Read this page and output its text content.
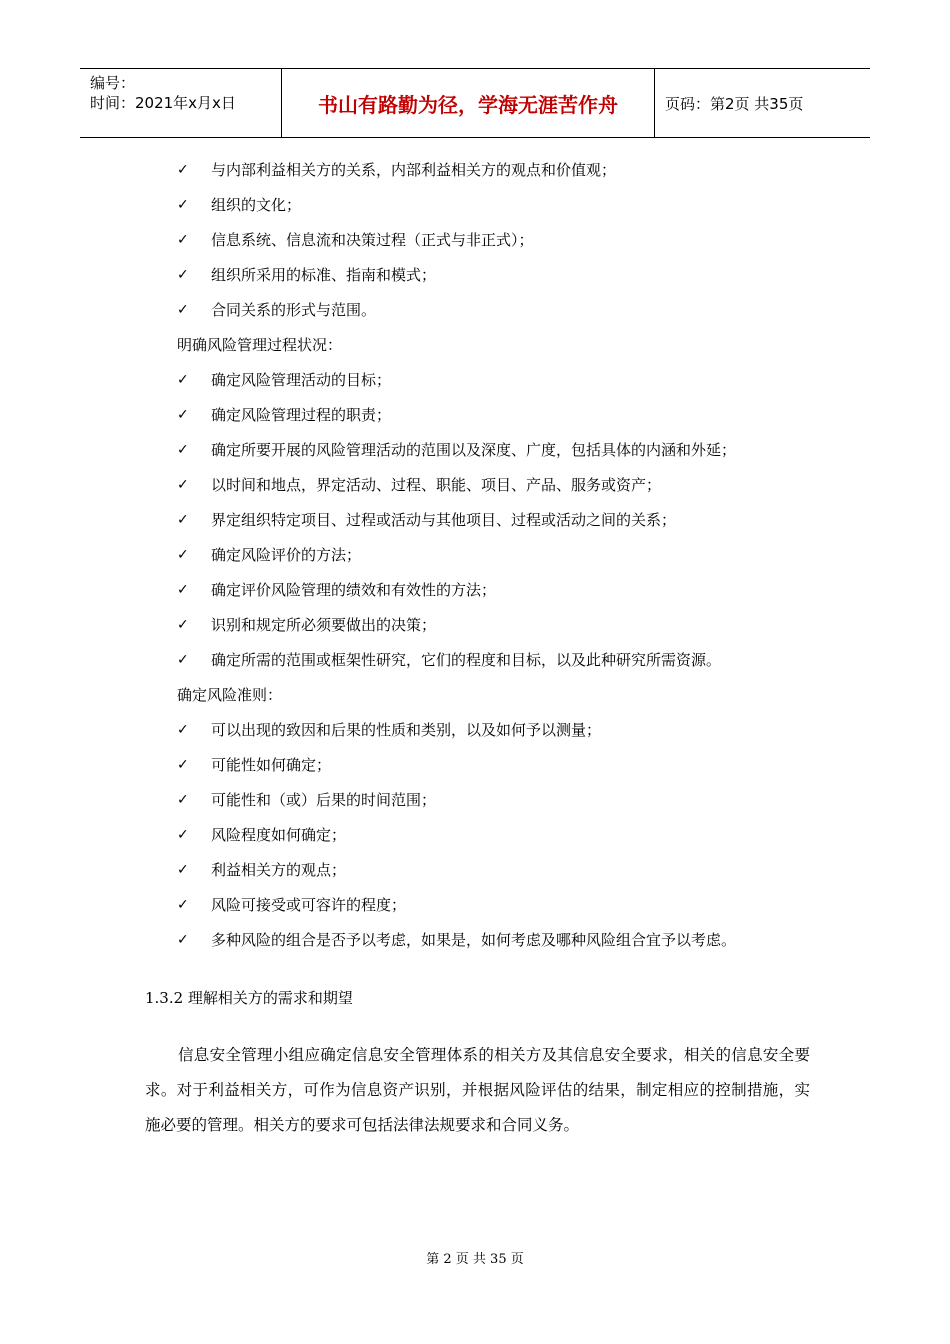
编号：
时间：2021年x月x日	书山有路勤为径，学海无涯苦作舟	页码：第2页 共35页
✓ 与内部利益相关方的关系，内部利益相关方的观点和价值观；
✓ 组织的文化；
✓ 信息系统、信息流和决策过程（正式与非正式）；
✓ 组织所采用的标准、指南和模式；
✓ 合同关系的形式与范围。
明确风险管理过程状况：
✓ 确定风险管理活动的目标；
✓ 确定风险管理过程的职责；
✓ 确定所要开展的风险管理活动的范围以及深度、广度，包括具体的内涵和外延；
✓ 以时间和地点，界定活动、过程、职能、项目、产品、服务或资产；
✓ 界定组织特定项目、过程或活动与其他项目、过程或活动之间的关系；
✓ 确定风险评价的方法；
✓ 确定评价风险管理的绩效和有效性的方法；
✓ 识别和规定所必须要做出的决策；
✓ 确定所需的范围或框架性研究，它们的程度和目标，以及此种研究所需资源。
确定风险准则：
✓ 可以出现的致因和后果的性质和类别，以及如何予以测量；
✓ 可能性如何确定；
✓ 可能性和（或）后果的时间范围；
✓ 风险程度如何确定；
✓ 利益相关方的观点；
✓ 风险可接受或可容许的程度；
✓ 多种风险的组合是否予以考虑，如果是，如何考虑及哪种风险组合宜予以考虑。
1.3.2 理解相关方的需求和期望
信息安全管理小组应确定信息安全管理体系的相关方及其信息安全要求，相关的信息安全要求。对于利益相关方，可作为信息资产识别，并根据风险评估的结果，制定相应的控制措施，实施必要的管理。相关方的要求可包括法律法规要求和合同义务。
第 2 页 共 35 页
